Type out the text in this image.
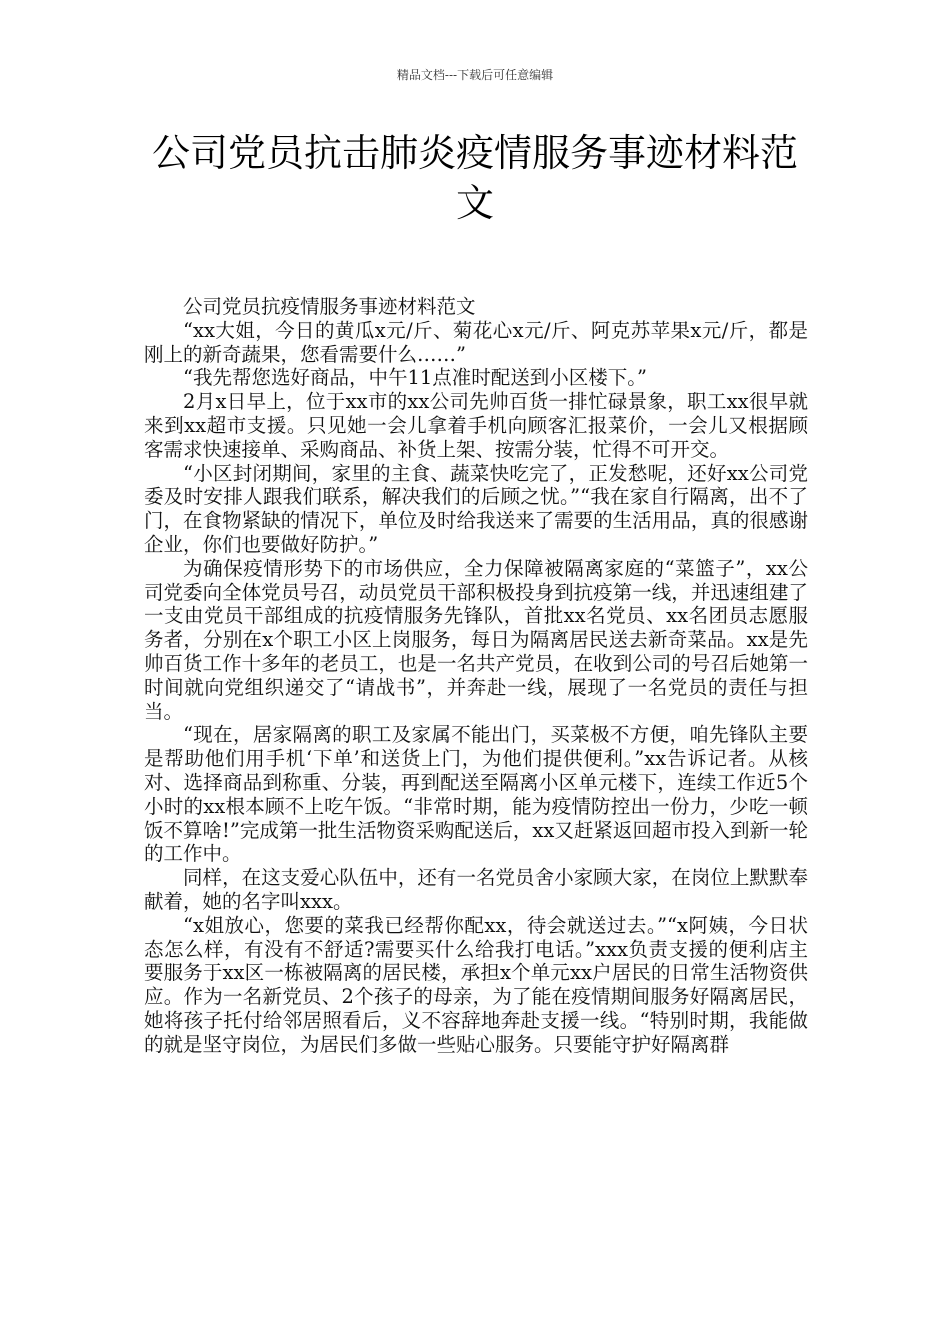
精品文档---下载后可任意编辑
公司党员抗击肺炎疫情服务事迹材料范文

公司党员抗疫情服务事迹材料范文

“xx大姐，今日的黄瓜x元/斤、菊花心x元/斤、阿克苏苹果x元/斤，都是刚上的新奇蔬果，您看需要什么……”

“我先帮您选好商品，中午11点准时配送到小区楼下。”

2月x日早上，位于xx市的xx公司先帅百货一排忙碌景象，职工xx很早就来到xx超市支援。只见她一会儿拿着手机向顾客汇报菜价，一会儿又根据顾客需求快速接单、采购商品、补货上架、按需分装，忙得不可开交。

“小区封闭期间，家里的主食、蔬菜快吃完了，正发愁呢，还好xx公司党委及时安排人跟我们联系，解决我们的后顾之忧。”“我在家自行隔离，出不了门，在食物紧缺的情况下，单位及时给我送来了需要的生活用品，真的很感谢企业，你们也要做好防护。”

为确保疫情形势下的市场供应，全力保障被隔离家庭的“菜篮子”，xx公司党委向全体党员号召，动员党员干部积极投身到抗疫第一线，并迅速组建了一支由党员干部组成的抗疫情服务先锋队，首批xx名党员、xx名团员志愿服务者，分别在x个职工小区上岗服务，每日为隔离居民送去新奇菜品。xx是先帅百货工作十多年的老员工，也是一名共产党员，在收到公司的号召后她第一时间就向党组织递交了“请战书”，并奔赴一线，展现了一名党员的责任与担当。

“现在，居家隔离的职工及家属不能出门，买菜极不方便，咱先锋队主要是帮助他们用手机‘下单’和送货上门，为他们提供便利。”xx告诉记者。从核对、选择商品到称重、分装，再到配送至隔离小区单元楼下，连续工作近5个小时的xx根本顾不上吃午饭。“非常时期，能为疫情防控出一份力，少吃一顿饭不算啥!”完成第一批生活物资采购配送后，xx又赶紧返回超市投入到新一轮的工作中。

同样，在这支爱心队伍中，还有一名党员舍小家顾大家，在岗位上默默奉献着，她的名字叫xxx。

“x姐放心，您要的菜我已经帮你配xx，待会就送过去。”“x阿姨，今日状态怎么样，有没有不舒适?需要买什么给我打电话。”xxx负责支援的便利店主要服务于xx区一栋被隔离的居民楼，承担x个单元xx户居民的日常生活物资供应。作为一名新党员、2个孩子的母亲，为了能在疫情期间服务好隔离居民，她将孩子托付给邻居照看后，义不容辞地奔赴支援一线。“特别时期，我能做的就是坚守岗位，为居民们多做一些贴心服务。只要能守护好隔离群
